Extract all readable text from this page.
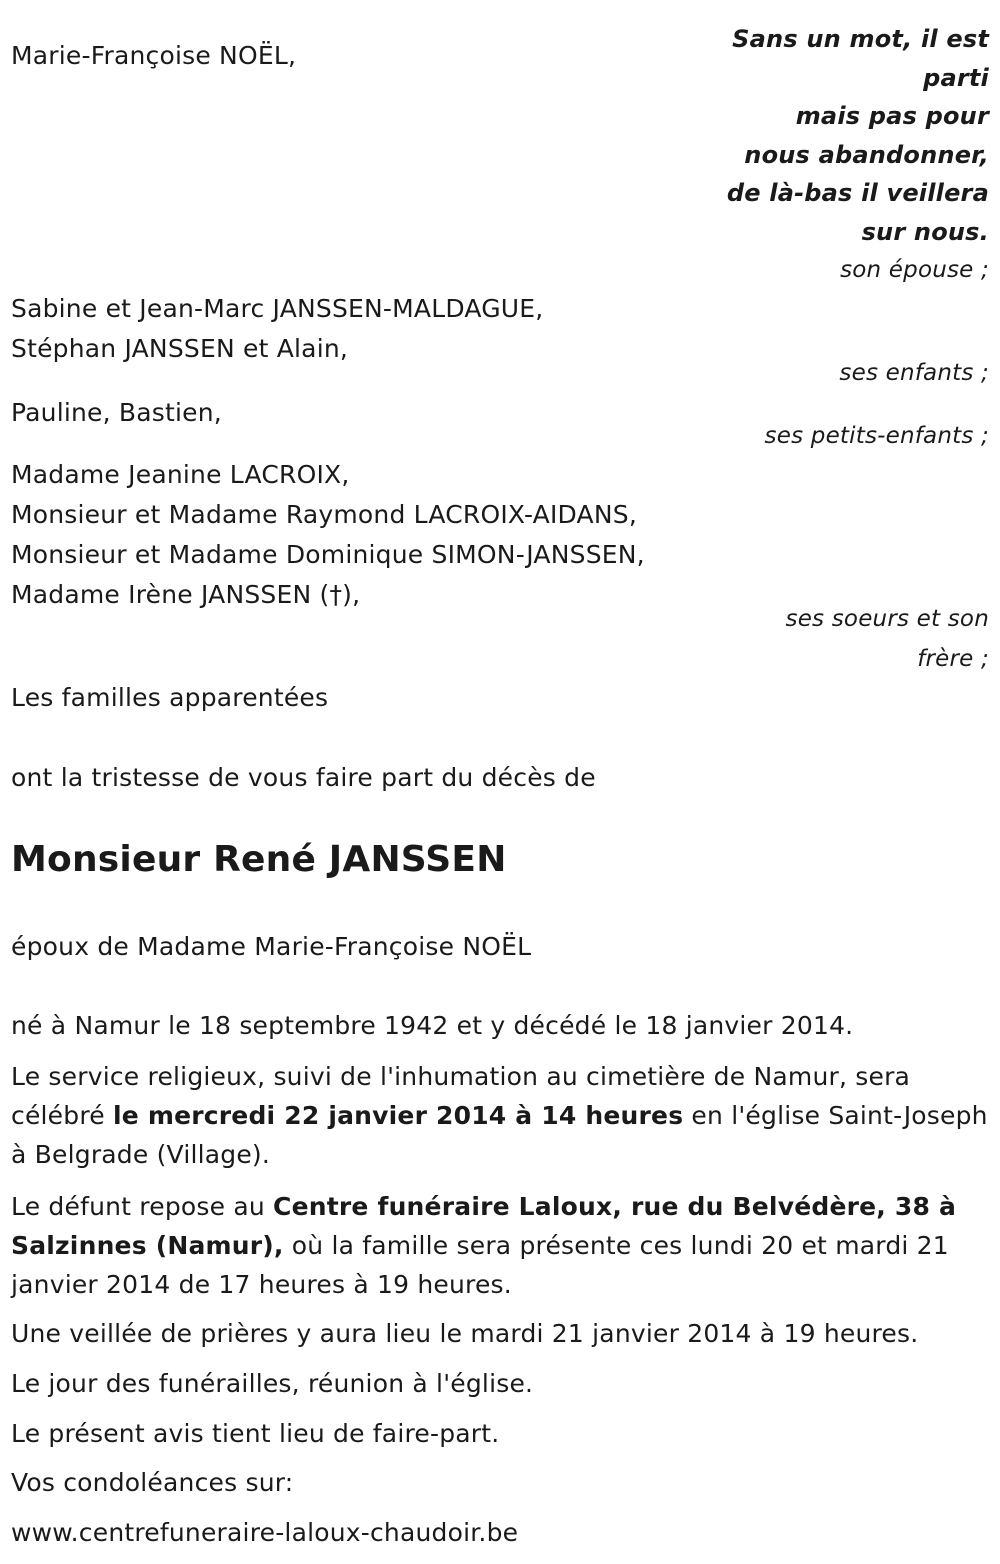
Sans un mot, il est
parti
mais pas pour
nous abandonner,
de là-bas il veillera
sur nous.
Marie-Françoise NOËL,
son épouse ;
Sabine et Jean-Marc JANSSEN-MALDAGUE,
Stéphan JANSSEN et Alain,
ses enfants ;
Pauline, Bastien,
ses petits-enfants ;
Madame Jeanine LACROIX,
Monsieur et Madame Raymond LACROIX-AIDANS,
Monsieur et Madame Dominique SIMON-JANSSEN,
Madame Irène JANSSEN (†),
ses soeurs et son
frère ;
Les familles apparentées
ont la tristesse de vous faire part du décès de
Monsieur René JANSSEN
époux de Madame Marie-Françoise NOËL
né à Namur le 18 septembre 1942 et y décédé le 18 janvier 2014.
Le service religieux, suivi de l'inhumation au cimetière de Namur, sera célébré le mercredi 22 janvier 2014 à 14 heures en l'église Saint-Joseph à Belgrade (Village).
Le défunt repose au Centre funéraire Laloux, rue du Belvédère, 38 à Salzinnes (Namur), où la famille sera présente ces lundi 20 et mardi 21 janvier 2014 de 17 heures à 19 heures.
Une veillée de prières y aura lieu le mardi 21 janvier 2014 à 19 heures.
Le jour des funérailles, réunion à l'église.
Le présent avis tient lieu de faire-part.
Vos condoléances sur:
www.centrefuneraire-laloux-chaudoir.be
